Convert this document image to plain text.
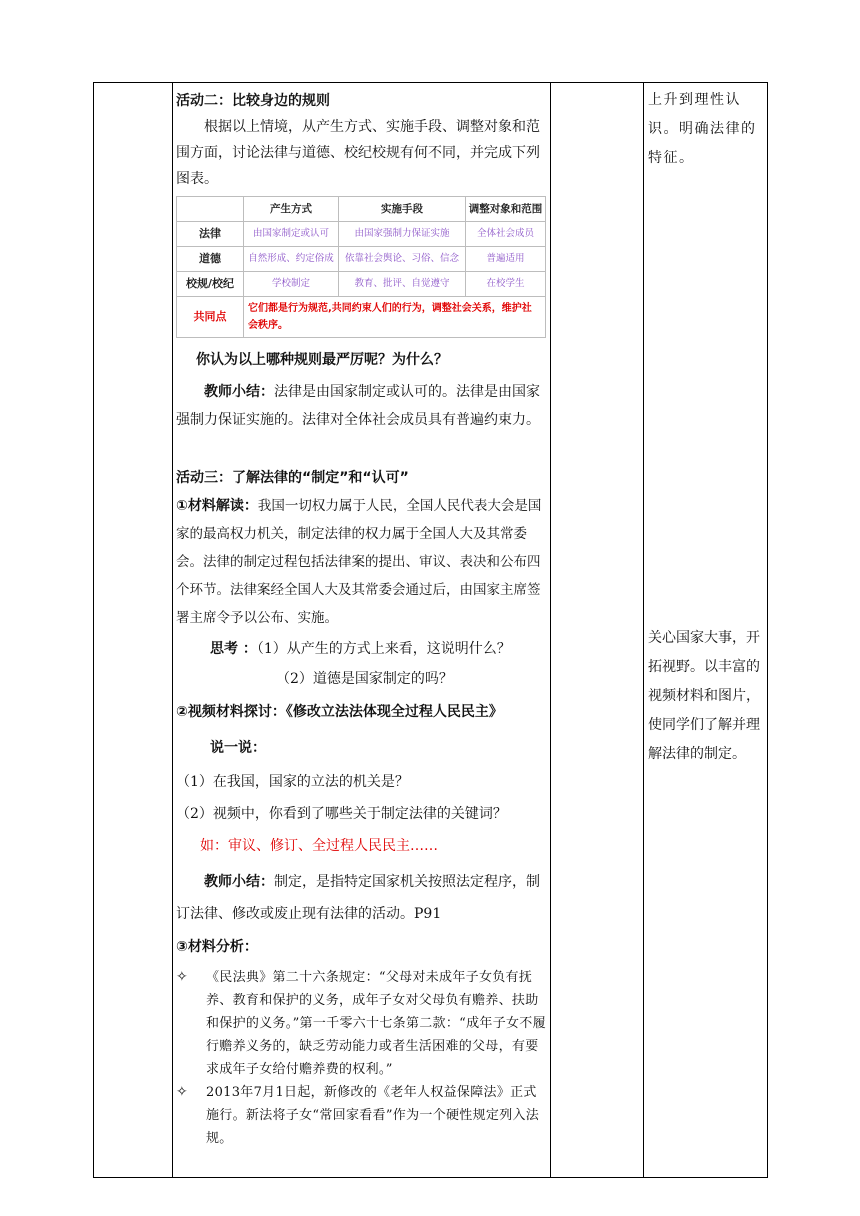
活动二：比较身边的规则

根据以上情境，从产生方式、实施手段、调整对象和范围方面，讨论法律与道德、校纪校规有何不同，并完成下列图表。

	产生方式	实施手段	调整对象和范围
法律	由国家制定或认可	由国家强制力保证实施	全体社会成员
道德	自然形成、约定俗成	依靠社会舆论、习俗、信念	普遍适用
校规/校纪	学校制定	教育、批评、自觉遵守	在校学生
共同点	它们都是行为规范,共同约束人们的行为，调整社会关系，维护社会秩序。		

你认为以上哪种规则最严厉呢？为什么？

教师小结：法律是由国家制定或认可的。法律是由国家强制力保证实施的。法律对全体社会成员具有普遍约束力。

活动三：了解法律的“制定”和“认可”

①材料解读：我国一切权力属于人民，全国人民代表大会是国家的最高权力机关，制定法律的权力属于全国人大及其常委会。法律的制定过程包括法律案的提出、审议、表决和公布四个环节。法律案经全国人大及其常委会通过后，由国家主席签署主席令予以公布、实施。

思考 ：（1）从产生的方式上来看，这说明什么？

（2）道德是国家制定的吗？

②视频材料探讨：《修改立法法体现全过程人民民主》

说一说：

（1）在我国，国家的立法的机关是？

（2）视频中，你看到了哪些关于制定法律的关键词？

如：审议、修订、全过程人民民主……

教师小结：制定，是指特定国家机关按照法定程序，制订法律、修改或废止现有法律的活动。P91

③材料分析：

✧	《民法典》第二十六条规定：“父母对未成年子女负有抚养、教育和保护的义务，成年子女对父母负有赡养、扶助和保护的义务。”第一千零六十七条第二款：“成年子女不履行赡养义务的，缺乏劳动能力或者生活困难的父母，有要求成年子女给付赡养费的权利。”
✧	2013年7月1日起，新修改的《老年人权益保障法》正式施行。新法将子女“常回家看看”作为一个硬性规定列入法规。
上升到理性认识。明确法律的特征。
关心国家大事，开拓视野。以丰富的视频材料和图片，使同学们了解并理解法律的制定。
